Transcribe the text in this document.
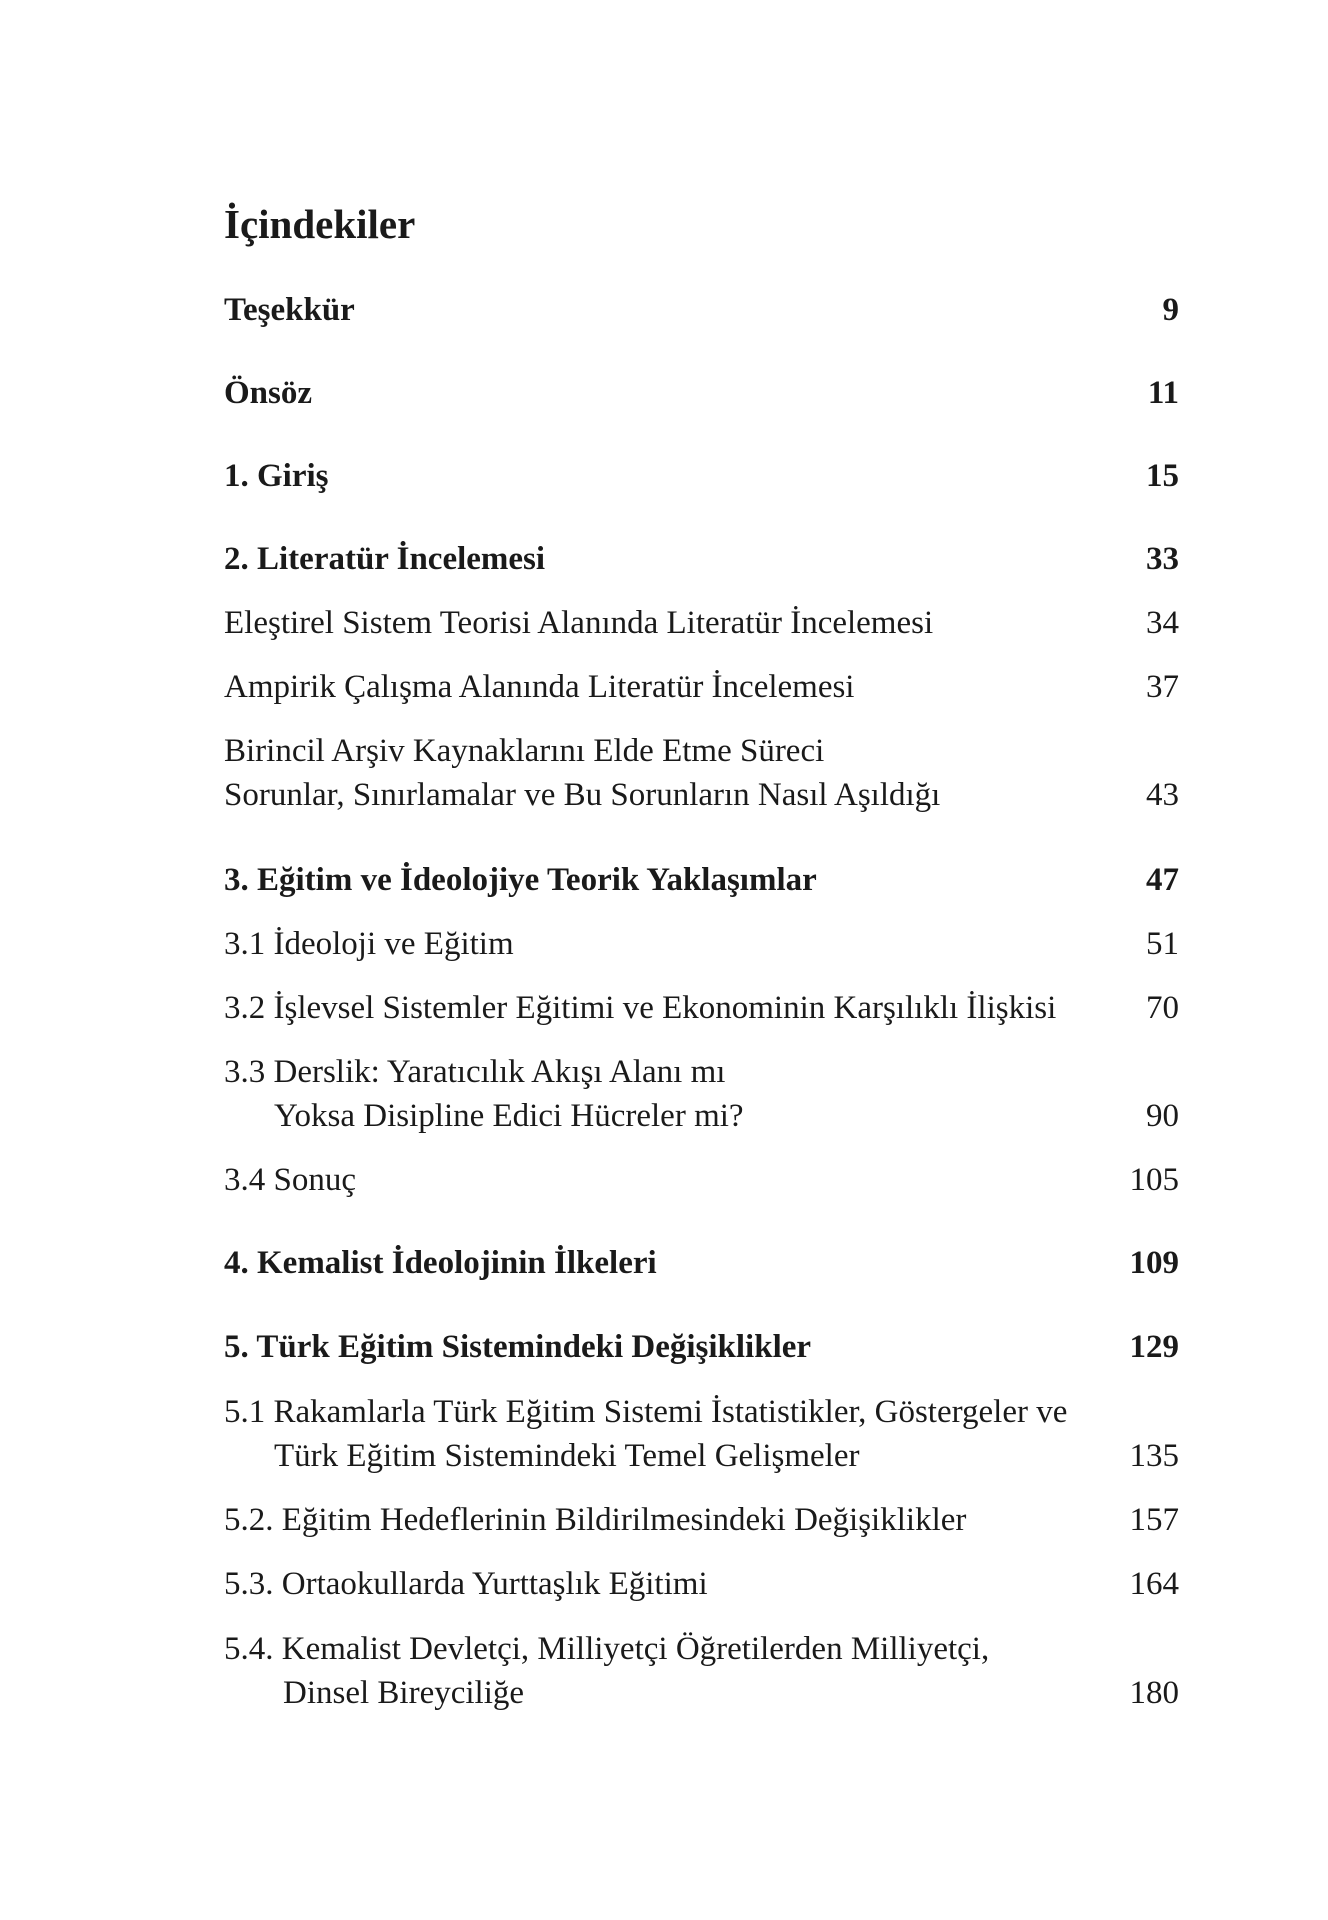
İçindekiler
Teşekkür	9
Önsöz	11
1. Giriş	15
2. Literatür İncelemesi	33
Eleştirel Sistem Teorisi Alanında Literatür İncelemesi	34
Ampirik Çalışma Alanında Literatür İncelemesi	37
Birincil Arşiv Kaynaklarını Elde Etme Süreci
Sorunlar, Sınırlamalar ve Bu Sorunların Nasıl Aşıldığı	43
3. Eğitim ve İdeolojiye Teorik Yaklaşımlar	47
3.1 İdeoloji ve Eğitim	51
3.2 İşlevsel Sistemler Eğitimi ve Ekonominin Karşılıklı İlişkisi	70
3.3 Derslik: Yaratıcılık Akışı Alanı mı
Yoksa Disipline Edici Hücreler mi?	90
3.4 Sonuç	105
4. Kemalist İdeolojinin İlkeleri	109
5. Türk Eğitim Sistemindeki Değişiklikler	129
5.1 Rakamlarla Türk Eğitim Sistemi İstatistikler, Göstergeler ve
Türk Eğitim Sistemindeki Temel Gelişmeler	135
5.2. Eğitim Hedeflerinin Bildirilmesindeki Değişiklikler	157
5.3. Ortaokullarda Yurttaşlık Eğitimi	164
5.4. Kemalist Devletçi, Milliyetçi Öğretilerden Milliyetçi,
Dinsel Bireyciliğe	180
